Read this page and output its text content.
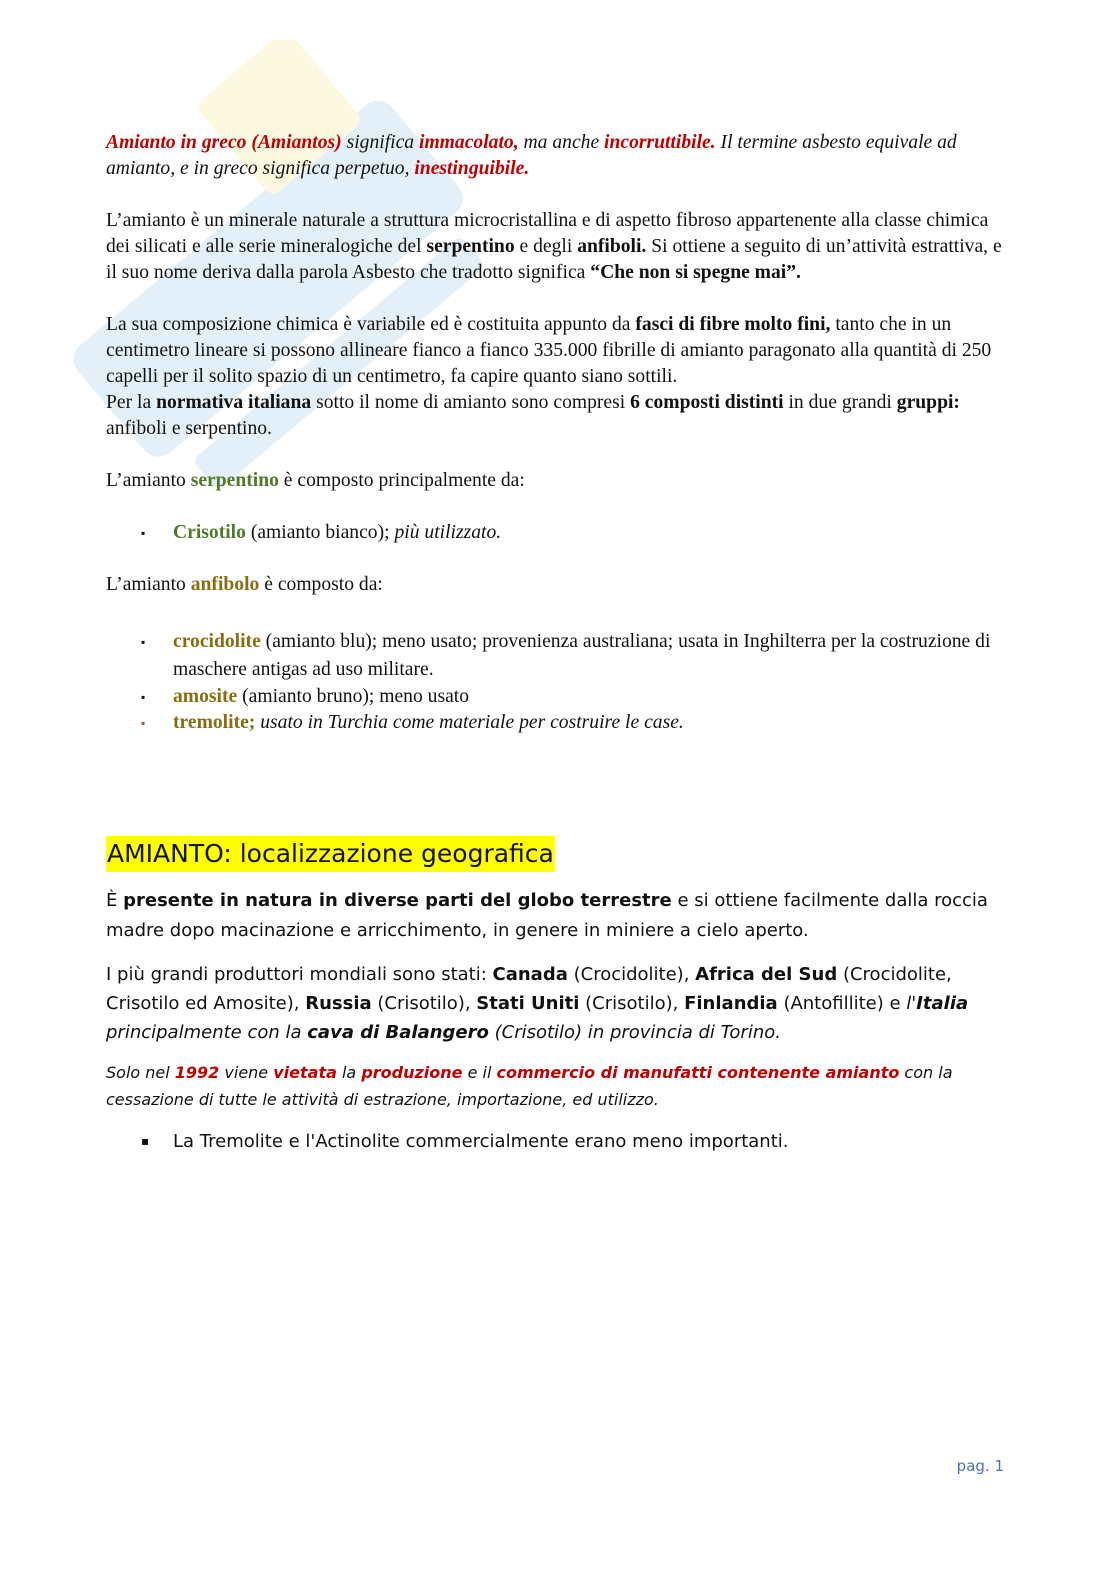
Amianto in greco (Amiantos) significa immacolato, ma anche incorruttibile. Il termine asbesto equivale ad amianto, e in greco significa perpetuo, inestinguibile.

L’amianto è un minerale naturale a struttura microcristallina e di aspetto fibroso appartenente alla classe chimica dei silicati e alle serie mineralogiche del serpentino e degli anfiboli. Si ottiene a seguito di un’attività estrattiva, e il suo nome deriva dalla parola Asbesto che tradotto significa “Che non si spegne mai”.

La sua composizione chimica è variabile ed è costituita appunto da fasci di fibre molto fini, tanto che in un centimetro lineare si possono allineare fianco a fianco 335.000 fibrille di amianto paragonato alla quantità di 250 capelli per il solito spazio di un centimetro, fa capire quanto siano sottili.

Per la normativa italiana sotto il nome di amianto sono compresi 6 composti distinti in due grandi gruppi: anfiboli e serpentino.

L’amianto serpentino è composto principalmente da:

▪ Crisotilo (amianto bianco); più utilizzato.

L’amianto anfibolo è composto da:

▪ crocidolite (amianto blu); meno usato; provenienza australiana; usata in Inghilterra per la costruzione di maschere antigas ad uso militare.
▪ amosite (amianto bruno); meno usato
▪ tremolite; usato in Turchia come materiale per costruire le case.
AMIANTO: localizzazione geografica

È presente in natura in diverse parti del globo terrestre e si ottiene facilmente dalla roccia madre dopo macinazione e arricchimento, in genere in miniere a cielo aperto.

I più grandi produttori mondiali sono stati: Canada (Crocidolite), Africa del Sud (Crocidolite, Crisotilo ed Amosite), Russia (Crisotilo), Stati Uniti (Crisotilo), Finlandia (Antofillite) e l'Italia principalmente con la cava di Balangero (Crisotilo) in provincia di Torino.

Solo nel 1992 viene vietata la produzione e il commercio di manufatti contenente amianto con la cessazione di tutte le attività di estrazione, importazione, ed utilizzo.

▪ La Tremolite e l'Actinolite commercialmente erano meno importanti.
pag. 1
